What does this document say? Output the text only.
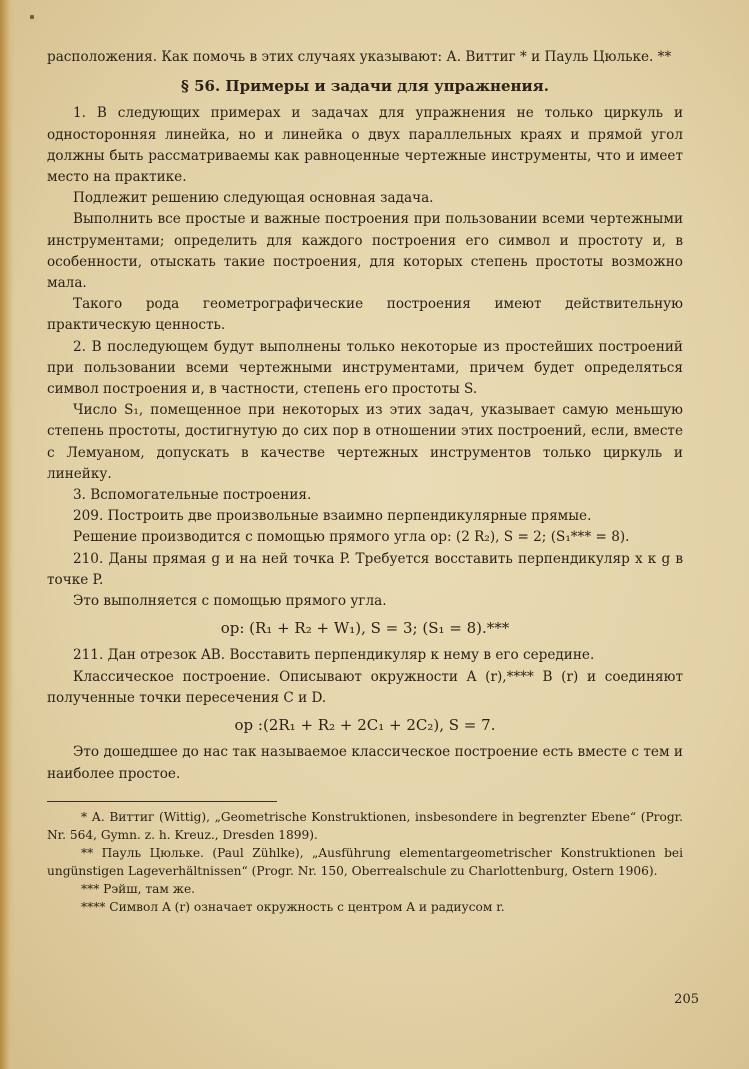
расположения. Как помочь в этих случаях указывают: А. Виттиг * и Пауль Цюльке. **

§ 56. Примеры и задачи для упражнения.

1. В следующих примерах и задачах для упражнения не только циркуль и односторонняя линейка, но и линейка о двух параллельных краях и прямой угол должны быть рассматриваемы как равноценные чертежные инструменты, что и имеет место на практике.

Подлежит решению следующая основная задача.

Выполнить все простые и важные построения при пользовании всеми чертежными инструментами; определить для каждого построения его символ и простоту и, в особенности, отыскать такие построения, для которых степень простоты возможно мала.

Такого рода геометрографические построения имеют действительную практическую ценность.

2. В последующем будут выполнены только некоторые из простейших построений при пользовании всеми чертежными инструментами, причем будет определяться символ построения и, в частности, степень его простоты S.

Число S₁, помещенное при некоторых из этих задач, указывает самую меньшую степень простоты, достигнутую до сих пор в отношении этих построений, если, вместе с Лемуаном, допускать в качестве чертежных инструментов только циркуль и линейку.

3. Вспомогательные построения.

209. Построить две произвольные взаимно перпендикулярные прямые.

Решение производится с помощью прямого угла op: (2 R₂), S = 2; (S₁*** = 8).

210. Даны прямая g и на ней точка P. Требуется восставить перпендикуляр x к g в точке P.

Это выполняется с помощью прямого угла.

op: (R₁ + R₂ + W₁), S = 3; (S₁ = 8).***

211. Дан отрезок AB. Восставить перпендикуляр к нему в его середине.

Классическое построение. Описывают окружности A (r),**** B (r) и соединяют полученные точки пересечения C и D.

op :(2R₁ + R₂ + 2C₁ + 2C₂), S = 7.

Это дошедшее до нас так называемое классическое построение есть вместе с тем и наиболее простое.

* А. Виттиг (Wittig), „Geometrische Konstruktionen, insbesondere in begrenzter Ebene“ (Progr. Nr. 564, Gymn. z. h. Kreuz., Dresden 1899).

** Пауль Цюльке. (Paul Zühlke), „Ausführung elementargeometrischer Konstruktionen bei ungünstigen Lageverhältnissen“ (Progr. Nr. 150, Oberrealschule zu Charlottenburg, Ostern 1906).

*** Рэйш, там же.

**** Символ A (r) означает окружность с центром A и радиусом r.

205
